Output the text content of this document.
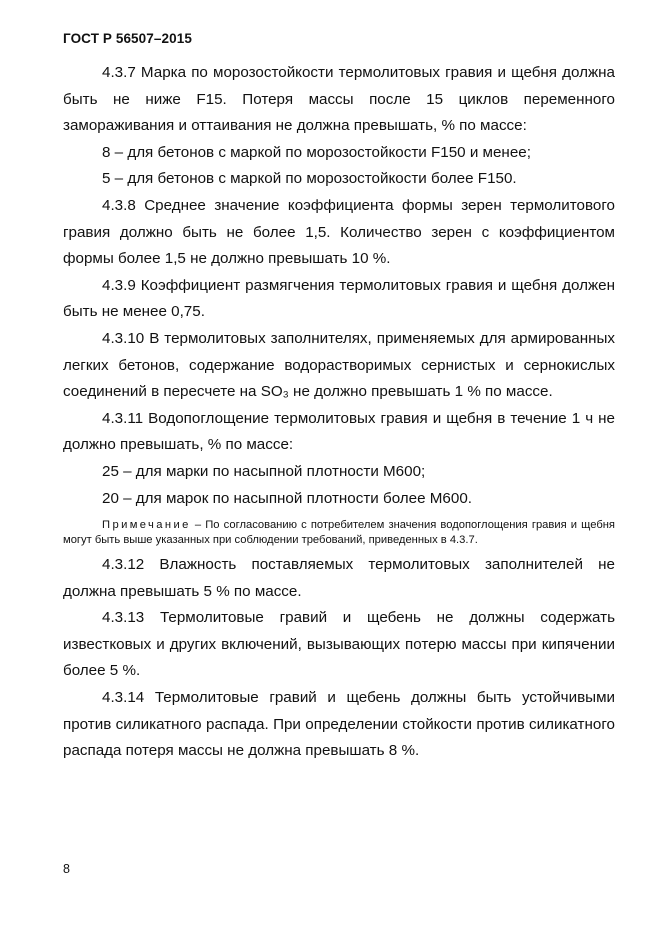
ГОСТ Р 56507–2015

4.3.7 Марка по морозостойкости термолитовых гравия и щебня должна быть не ниже F15. Потеря массы после 15 циклов переменного замораживания и оттаивания не должна превышать, % по массе:

8 – для бетонов с маркой по морозостойкости F150 и менее;

5 – для бетонов с маркой по морозостойкости более F150.

4.3.8 Среднее значение коэффициента формы зерен термолитового гравия должно быть не более 1,5. Количество зерен с коэффициентом формы более 1,5 не должно превышать 10 %.

4.3.9 Коэффициент размягчения термолитовых гравия и щебня должен быть не менее 0,75.

4.3.10 В термолитовых заполнителях, применяемых для армированных легких бетонов, содержание водорастворимых сернистых и сернокислых соединений в пересчете на SO₃ не должно превышать 1 % по массе.

4.3.11 Водопоглощение термолитовых гравия и щебня в течение 1 ч не должно превышать, % по массе:

25 – для марки по насыпной плотности М600;

20 – для марок по насыпной плотности более М600.

Примечание – По согласованию с потребителем значения водопоглощения гравия и щебня могут быть выше указанных при соблюдении требований, приведенных в 4.3.7.

4.3.12 Влажность поставляемых термолитовых заполнителей не должна превышать 5 % по массе.

4.3.13 Термолитовые гравий и щебень не должны содержать известковых и других включений, вызывающих потерю массы при кипячении более 5 %.

4.3.14 Термолитовые гравий и щебень должны быть устойчивыми против силикатного распада. При определении стойкости против силикатного распада потеря массы не должна превышать 8 %.

8
